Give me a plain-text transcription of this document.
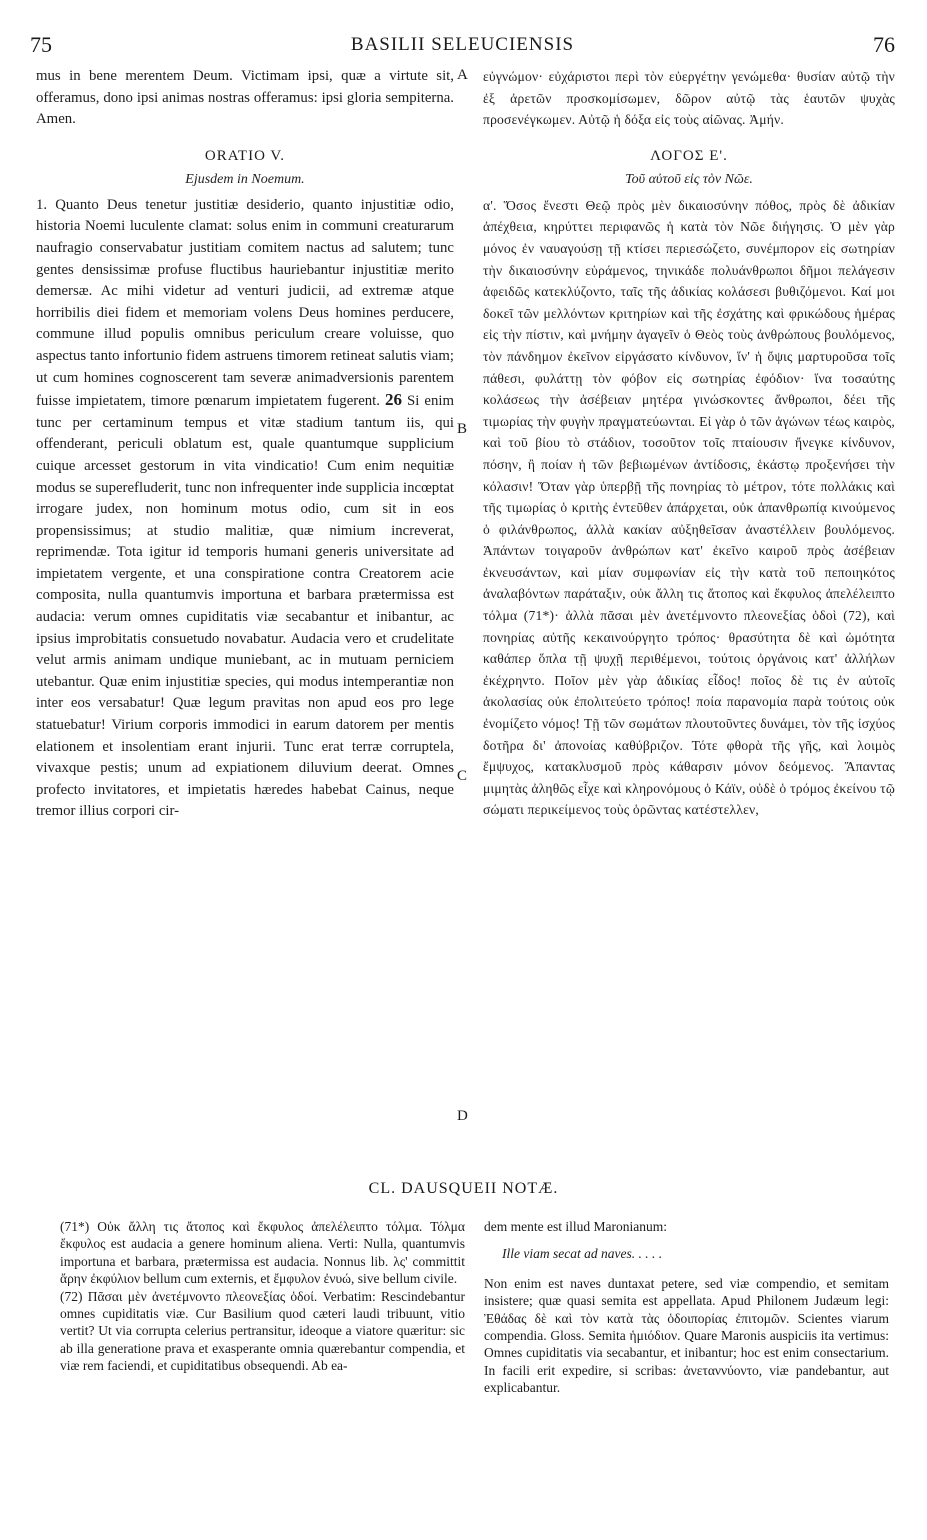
75	BASILII SELEUCIENSIS	76
A
B
C
D

mus in bene merentem Deum. Victimam ipsi, quæ a virtute sit, offeramus, dono ipsi animas nostras offeramus: ipsi gloria sempiterna. Amen.

ORATIO V.
Ejusdem in Noemum.

1. Quanto Deus tenetur justitiæ desiderio, quanto injustitiæ odio, historia Noemi luculente clamat: solus enim in communi creaturarum naufragio conservabatur justitiam comitem nactus ad salutem; tunc gentes densissimæ profuse fluctibus hauriebantur injustitiæ merito demersæ. Ac mihi videtur ad venturi judicii, ad extremæ atque horribilis diei fidem et memoriam volens Deus homines perducere, commune illud populis omnibus periculum creare voluisse, quo aspectus tanto infortunio fidem astruens timorem retineat salutis viam; ut cum homines cognoscerent tam severæ animadversionis parentem fuisse impietatem, timore pœnarum impietatem fugerent. 26 Si enim tunc per certaminum tempus et vitæ stadium tantum iis, qui offenderant, periculi oblatum est, quale quantumque supplicium cuique arcesset gestorum in vita vindicatio! Cum enim nequitiæ modus se superefluderit, tunc non infrequenter inde supplicia incœptat irrogare judex, non hominum motus odio, cum sit in eos propensissimus; at studio malitiæ, quæ nimium increverat, reprimendæ. Tota igitur id temporis humani generis universitate ad impietatem vergente, et una conspiratione contra Creatorem acie composita, nulla quantumvis importuna et barbara prætermissa est audacia: verum omnes cupiditatis viæ secabantur et inibantur, ac ipsius improbitatis consuetudo novabatur. Audacia vero et crudelitate velut armis animam undique muniebant, ac in mutuam perniciem utebantur. Quæ enim injustitiæ species, qui modus intemperantiæ non inter eos versabatur! Quæ legum pravitas non apud eos pro lege statuebatur! Virium corporis immodici in earum datorem per mentis elationem et insolentiam erant injurii. Tunc erat terræ corruptela, vivaxque pestis; unum ad expiationem diluvium deerat. Omnes profecto invitatores, et impietatis hæredes habebat Cainus, neque tremor illius corpori cir-

εὐγνώμον· εὐχάριστοι περὶ τὸν εὐεργέτην γενώμεθα· θυσίαν αὐτῷ τὴν ἐξ ἀρετῶν προσκομίσωμεν, δῶρον αὐτῷ τὰς ἑαυτῶν ψυχὰς προσενέγκωμεν. Αὐτῷ ἡ δόξα εἰς τοὺς αἰῶνας. Ἀμήν.

ΛΟΓΟΣ Ε'.
Τοῦ αὐτοῦ εἰς τὸν Νῶε.

α'. Ὅσος ἔνεστι Θεῷ πρὸς μὲν δικαιοσύνην πόθος, πρὸς δὲ ἀδικίαν ἀπέχθεια, κηρύττει περιφανῶς ἡ κατὰ τὸν Νῶε διήγησις. Ὁ μὲν γὰρ μόνος ἐν ναυαγούσῃ τῇ κτίσει περιεσώζετο, συνέμπορον εἰς σωτηρίαν τὴν δικαιοσύνην εὑράμενος, τηνικάδε πολυάνθρωποι δῆμοι πελάγεσιν ἀφειδῶς κατεκλύζοντο, ταῖς τῆς ἀδικίας κολάσεσι βυθιζόμενοι. Καί μοι δοκεῖ τῶν μελλόντων κριτηρίων καὶ τῆς ἐσχάτης καὶ φρικώδους ἡμέρας εἰς τὴν πίστιν, καὶ μνήμην ἀγαγεῖν ὁ Θεὸς τοὺς ἀνθρώπους βουλόμενος, τὸν πάνδημον ἐκεῖνον εἰργάσατο κίνδυνον, ἵν' ἡ ὄψις μαρτυροῦσα τοῖς πάθεσι, φυλάττῃ τὸν φόβον εἰς σωτηρίας ἐφόδιον· ἵνα τοσαύτης κολάσεως τὴν ἀσέβειαν μητέρα γινώσκοντες ἄνθρωποι, δέει τῆς τιμωρίας τὴν φυγὴν πραγματεύωνται. Εἰ γὰρ ὁ τῶν ἀγώνων τέως καιρὸς, καὶ τοῦ βίου τὸ στάδιον, τοσοῦτον τοῖς πταίουσιν ἤνεγκε κίνδυνον, πόσην, ἢ ποίαν ἡ τῶν βεβιωμένων ἀντίδοσις, ἑκάστῳ προξενήσει τὴν κόλασιν! Ὅταν γὰρ ὑπερβῇ τῆς πονηρίας τὸ μέτρον, τότε πολλάκις καὶ τῆς τιμωρίας ὁ κριτὴς ἐντεῦθεν ἀπάρχεται, οὐκ ἀπανθρωπίᾳ κινούμενος ὁ φιλάνθρωπος, ἀλλὰ κακίαν αὐξηθεῖσαν ἀναστέλλειν βουλόμενος. Ἁπάντων τοιγαροῦν ἀνθρώπων κατ' ἐκεῖνο καιροῦ πρὸς ἀσέβειαν ἐκνευσάντων, καὶ μίαν συμφωνίαν εἰς τὴν κατὰ τοῦ πεποιηκότος ἀναλαβόντων παράταξιν, οὐκ ἄλλη τις ἄτοπος καὶ ἔκφυλος ἀπελέλειπτο τόλμα (71*)· ἀλλὰ πᾶσαι μὲν ἀνετέμνοντο πλεονεξίας ὁδοὶ (72), καὶ πονηρίας αὐτῆς κεκαινούργητο τρόπος· θρασύτητα δὲ καὶ ὠμότητα καθάπερ ὅπλα τῇ ψυχῇ περιθέμενοι, τούτοις ὀργάνοις κατ' ἀλλήλων ἐκέχρηντο. Ποῖον μὲν γὰρ ἀδικίας εἶδος! ποῖος δὲ τις ἐν αὐτοῖς ἀκολασίας οὐκ ἐπολιτεύετο τρόπος! ποία παρανομία παρὰ τούτοις οὐκ ἐνομίζετο νόμος! Τῇ τῶν σωμάτων πλουτοῦντες δυνάμει, τὸν τῆς ἰσχύος δοτῆρα δι' ἀπονοίας καθύβριζον. Τότε φθορὰ τῆς γῆς, καὶ λοιμὸς ἔμψυχος, κατακλυσμοῦ πρὸς κάθαρσιν μόνον δεόμενος. Ἅπαντας μιμητὰς ἀληθῶς εἶχε καὶ κληρονόμους ὁ Κάϊν, οὐδὲ ὁ τρόμος ἐκείνου τῷ σώματι περικείμενος τοὺς ὁρῶντας κατέστελλεν,

CL. DAUSQUEII NOTÆ.

(71*) Οὐκ ἄλλη τις ἄτοπος καὶ ἔκφυλος ἀπελέλειπτο τόλμα. Τόλμα ἔκφυλος est audacia a genere hominum aliena. Verti: Nulla, quantumvis importuna et barbara, prætermissa est audacia. Nonnus lib. λς' committit ἄρην ἐκφύλιον bellum cum externis, et ἔμφυλον ἐνυώ, sive bellum civile.

(72) Πᾶσαι μὲν ἀνετέμνοντο πλεονεξίας ὁδοί. Verbatim: Rescindebantur omnes cupiditatis viæ. Cur Basilium quod cæteri laudi tribuunt, vitio vertit? Ut via corrupta celerius pertransitur, ideoque a viatore quæritur: sic ab illa generatione prava et exasperante omnia quærebantur compendia, et viæ rem faciendi, et cupiditatibus obsequendi. Ab ea-

dem mente est illud Maronianum:

Ille viam secat ad naves. . . . .

Non enim est naves duntaxat petere, sed viæ compendio, et semitam insistere; quæ quasi semita est appellata. Apud Philonem Judæum legi: Ἐθάδας δὲ καὶ τὸν κατὰ τὰς ὁδοιπορίας ἐπιτομῶν. Scientes viarum compendia. Gloss. Semita ἡμιόδιον. Quare Maronis auspiciis ita vertimus: Omnes cupiditatis via secabantur, et inibantur; hoc est enim consectarium. In facili erit expedire, si scribas: ἀνεταννύοντο, viæ pandebantur, aut explicabantur.
